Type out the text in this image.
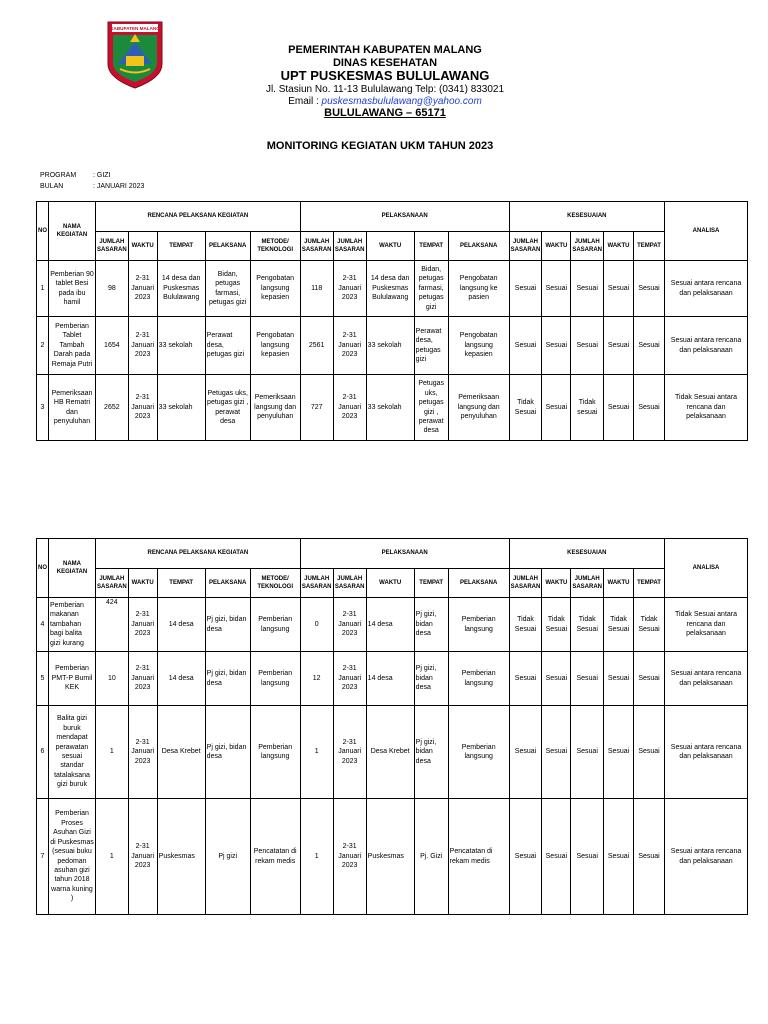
KABUPATEN MALANG
PEMERINTAH KABUPATEN MALANG
DINAS KESEHATAN
UPT PUSKESMAS BULULAWANG
Jl. Stasiun No. 11-13 Bululawang Telp: (0341) 833021
Email : puskesmasbululawang@yahoo.com
BULULAWANG – 65171
MONITORING KEGIATAN UKM TAHUN 2023
PROGRAM : GIZI
BULAN	: JANUARI 2023
NO	NAMA KEGIATAN	RENCANA PELAKSANA KEGIATAN					PELAKSANAAN					KESESUAIAN					ANALISA
		JUMLAH SASARAN	WAKTU	TEMPAT	PELAKSANA	METODE/ TEKNOLOGI	JUMLAH SASARAN	JUMLAH SASARAN	WAKTU	TEMPAT	PELAKSANA	JUMLAH SASARAN	WAKTU	JUMLAH SASARAN	WAKTU	TEMPAT	
1	Pemberian 90 tablet Besi pada ibu hamil	98	2-31 Januari 2023	14 desa dan Puskesmas Bululawang	Bidan, petugas farmasi, petugas gizi	Pengobatan langsung kepasien	118	2-31 Januari 2023	14 desa dan Puskesmas Bululawang	Bidan, petugas farmasi, petugas gizi	Pengobatan langsung ke pasien	Sesuai	Sesuai	Sesuai	Sesuai	Sesuai	Sesuai antara rencana dan pelaksanaan
2	Pemberian Tablet Tambah Darah pada Remaja Putri	1654	2-31 Januari 2023	33 sekolah	Perawat desa, petugas gizi	Pengobatan langsung kepasien	2561	2-31 Januari 2023	33 sekolah	Perawat desa, petugas gizi	Pengobatan langsung kepasien	Sesuai	Sesuai	Sesuai	Sesuai	Sesuai	Sesuai antara rencana dan pelaksanaan
3	Pemeriksaan HB Rematri dan penyuluhan	2652	2-31 Januari 2023	33 sekolah	Petugas uks, petugas gizi , perawat desa	Pemeriksaan langsung dan penyuluhan	727	2-31 Januari 2023	33 sekolah	Petugas uks, petugas gizi , perawat desa	Pemeriksaan langsung dan penyuluhan	Tidak Sesuai	Sesuai	Tidak sesuai	Sesuai	Sesuai	Tidak Sesuai antara rencana dan pelaksanaan
NO	NAMA KEGIATAN	RENCANA PELAKSANA KEGIATAN					PELAKSANAAN					KESESUAIAN					ANALISA
		JUMLAH SASARAN	WAKTU	TEMPAT	PELAKSANA	METODE/ TEKNOLOGI	JUMLAH SASARAN	JUMLAH SASARAN	WAKTU	TEMPAT	PELAKSANA	JUMLAH SASARAN	WAKTU	JUMLAH SASARAN	WAKTU	TEMPAT	
4	Pemberian makanan tambahan bagi balita gizi kurang	424	2-31 Januari 2023	14 desa	Pj gizi, bidan desa	Pemberian langsung	0	2-31 Januari 2023	14 desa	Pj gizi, bidan desa	Pemberian langsung	Tidak Sesuai	Tidak Sesuai	Tidak Sesuai	Tidak Sesuai	Tidak Sesuai	Tidak Sesuai antara rencana dan pelaksanaan
5	Pemberian PMT-P Bumil KEK	10	2-31 Januari 2023	14 desa	Pj gizi, bidan desa	Pemberian langsung	12	2-31 Januari 2023	14 desa	Pj gizi, bidan desa	Pemberian langsung	Sesuai	Sesuai	Sesuai	Sesuai	Sesuai	Sesuai antara rencana dan pelaksanaan
6	Balita gizi buruk mendapat perawatan sesuai standar tatalaksana gizi buruk	1	2-31 Januari 2023	Desa Krebet	Pj gizi, bidan desa	Pemberian langsung	1	2-31 Januari 2023	Desa Krebet	Pj gizi, bidan desa	Pemberian langsung	Sesuai	Sesuai	Sesuai	Sesuai	Sesuai	Sesuai antara rencana dan pelaksanaan
7	Pemberian Proses Asuhan Gizi di Puskesmas (sesuai buku pedoman asuhan gizi tahun 2018 warna kuning )	1	2-31 Januari 2023	Puskesmas	Pj gizi	Pencatatan di rekam medis	1	2-31 Januari 2023	Puskesmas	Pj. Gizi	Pencatatan di rekam medis	Sesuai	Sesuai	Sesuai	Sesuai	Sesuai	Sesuai antara rencana dan pelaksanaan
